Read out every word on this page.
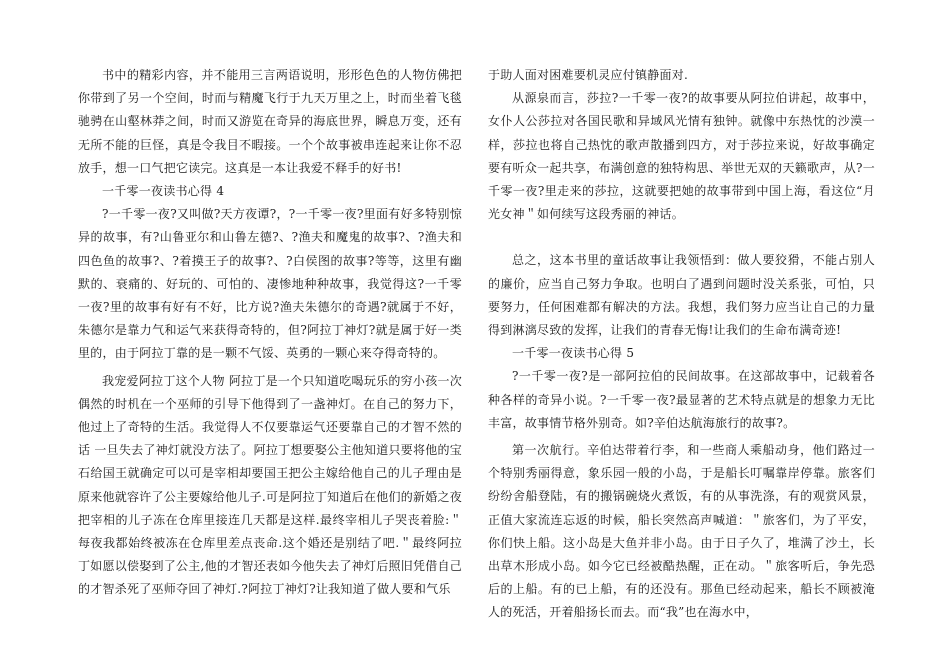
书中的精彩内容，并不能用三言两语说明，形形色色的人物仿佛把你带到了另一个空间，时而与精魔飞行于九天万里之上，时而坐着飞毯驰骋在山壑林莽之间，时而又游览在奇异的海底世界，瞬息万变，还有无所不能的巨怪，真是令我目不暇接。一个个故事被串连起来让你不忍放手，想一口气把它读完。这真是一本让我爱不释手的好书!

一千零一夜读书心得 4

?一千零一夜?又叫做?天方夜谭?，?一千零一夜?里面有好多特别惊异的故事，有?山鲁亚尔和山鲁左德?、?渔夫和魔鬼的故事?、?渔夫和四色鱼的故事?、?着摸王子的故事?、?白侯图的故事?等等，这里有幽默的、衰痛的、好玩的、可怕的、凄惨地种种故事，我觉得这?一千零一夜?里的故事有好有不好，比方说?渔夫朱德尔的奇遇?就属于不好，朱德尔是靠力气和运气来获得奇特的，但?阿拉丁神灯?就是属于好一类里的，由于阿拉丁靠的是一颗不气馁、英勇的一颗心来夺得奇特的。

我宠爱阿拉丁这个人物 阿拉丁是一个只知道吃喝玩乐的穷小孩一次偶然的时机在一个巫师的引导下他得到了一盏神灯。在自己的努力下，他过上了奇特的生活。我觉得人不仅要靠运气还要靠自己的才智不然的话 一旦失去了神灯就没方法了。阿拉丁想要娶公主他知道只要将他的宝石给国王就确定可以可是宰相却要国王把公主嫁给他自己的儿子理由是原来他就容许了公主要嫁给他儿子.可是阿拉丁知道后在他们的新婚之夜把宰相的儿子冻在仓库里接连几天都是这样.最终宰相儿子哭丧着脸:＂每夜我都始终被冻在仓库里差点丧命.这个婚还是别结了吧.＂最终阿拉丁如愿以偿娶到了公主,他的才智还表如今他失去了神灯后照旧凭借自己的才智杀死了巫师夺回了神灯.?阿拉丁神灯?让我知道了做人要和气乐

于助人面对困难要机灵应付镇静面对.

从源泉而言，莎拉?一千零一夜?的故事要从阿拉伯讲起，故事中，女仆人公莎拉对各国民歌和异域风光情有独钟。就像中东热忱的沙漠一样，莎拉也将自己热忱的歌声散播到四方，对于莎拉来说，好故事确定要有听众一起共享，布满创意的独特构思、举世无双的天籁歌声，从?一千零一夜?里走来的莎拉，这就要把她的故事带到中国上海，看这位“月光女神＂如何续写这段秀丽的神话。

总之，这本书里的童话故事让我领悟到：做人要狡猾，不能占别人的廉价，应当自己努力争取。也明白了遇到问题时没关系张，可怕，只要努力，任何困难都有解决的方法。我想，我们努力应当让自己的力量得到淋漓尽致的发挥，让我们的青春无悔!让我们的生命布满奇迹!

一千零一夜读书心得 5

?一千零一夜?是一部阿拉伯的民间故事。在这部故事中，记载着各种各样的奇异小说。?一千零一夜?最显著的艺术特点就是的想象力无比丰富，故事情节格外别奇。如?辛伯达航海旅行的故事?。

第一次航行。辛伯达带着行李，和一些商人乘船动身，他们路过一个特别秀丽得意，象乐园一般的小岛，于是船长叮嘱靠岸停靠。旅客们纷纷舍船登陆，有的搬锅碗烧火煮饭，有的从事洗涤，有的观赏风景，正值大家流连忘返的时候，船长突然高声喊道：＂旅客们，为了平安，你们快上船。这小岛是大鱼并非小岛。由于日子久了，堆满了沙土，长出草木形成小岛。如今它已经被酷热醒，正在动。＂旅客听后，争先恐后的上船。有的已上船，有的还没有。那鱼已经动起来，船长不顾被淹人的死活，开着船扬长而去。而“我”也在海水中，
